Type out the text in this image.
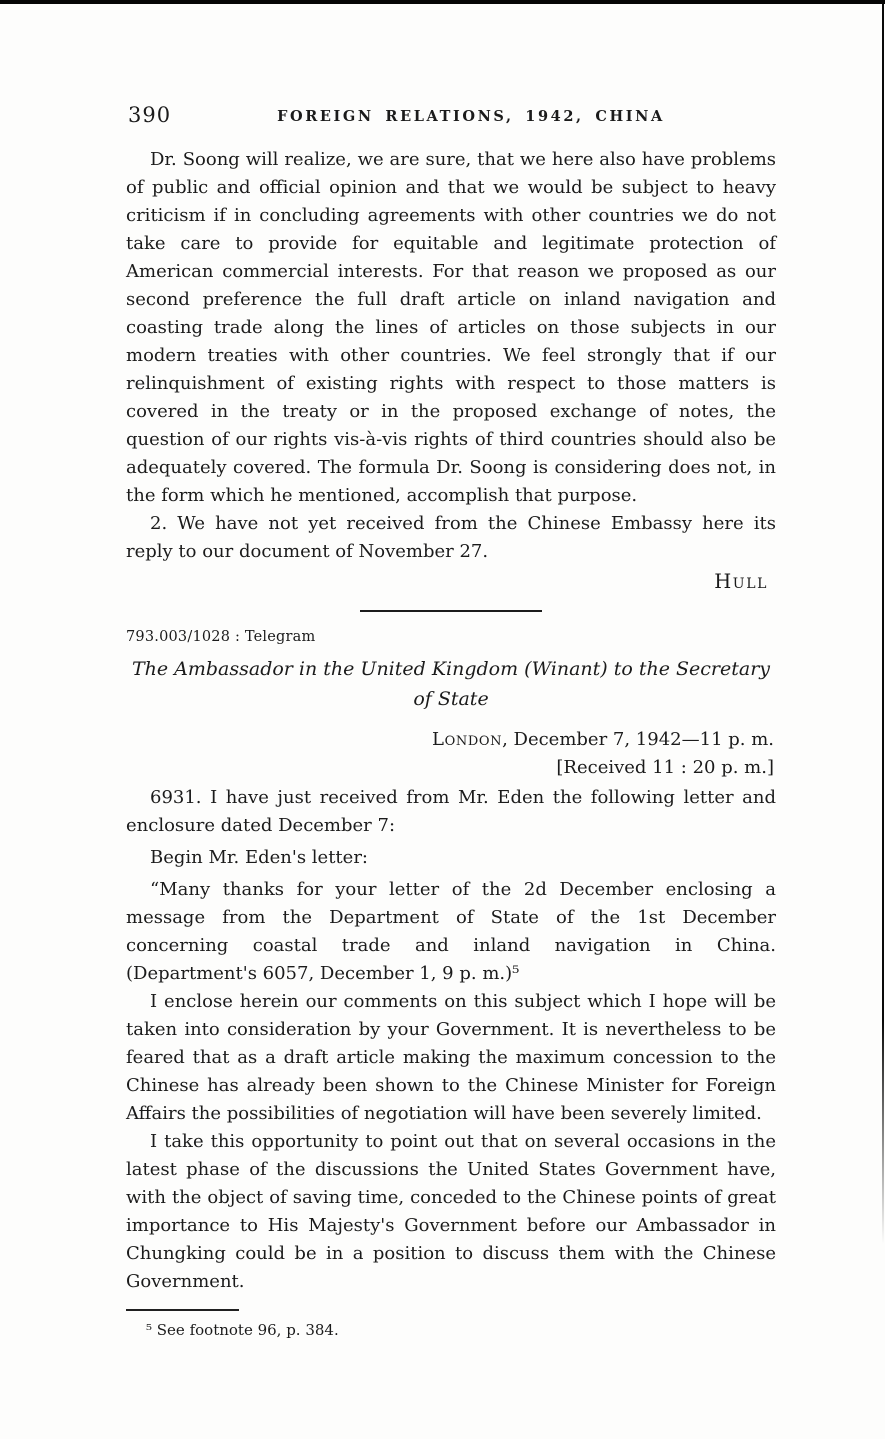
390	FOREIGN RELATIONS, 1942, CHINA

Dr. Soong will realize, we are sure, that we here also have problems of public and official opinion and that we would be subject to heavy criticism if in concluding agreements with other countries we do not take care to provide for equitable and legitimate protection of American commercial interests. For that reason we proposed as our second preference the full draft article on inland navigation and coasting trade along the lines of articles on those subjects in our modern treaties with other countries. We feel strongly that if our relinquishment of existing rights with respect to those matters is covered in the treaty or in the proposed exchange of notes, the question of our rights vis-à-vis rights of third countries should also be adequately covered. The formula Dr. Soong is considering does not, in the form which he mentioned, accomplish that purpose.

2. We have not yet received from the Chinese Embassy here its reply to our document of November 27.

Hull

793.003/1028 : Telegram

The Ambassador in the United Kingdom (Winant) to the Secretary of State

London, December 7, 1942—11 p. m.

[Received 11 : 20 p. m.]

6931. I have just received from Mr. Eden the following letter and enclosure dated December 7:

Begin Mr. Eden's letter:

“Many thanks for your letter of the 2d December enclosing a message from the Department of State of the 1st December concerning coastal trade and inland navigation in China. (Department's 6057, December 1, 9 p. m.)⁵

I enclose herein our comments on this subject which I hope will be taken into consideration by your Government. It is nevertheless to be feared that as a draft article making the maximum concession to the Chinese has already been shown to the Chinese Minister for Foreign Affairs the possibilities of negotiation will have been severely limited.

I take this opportunity to point out that on several occasions in the latest phase of the discussions the United States Government have, with the object of saving time, conceded to the Chinese points of great importance to His Majesty's Government before our Ambassador in Chungking could be in a position to discuss them with the Chinese Government.

⁵ See footnote 96, p. 384.
